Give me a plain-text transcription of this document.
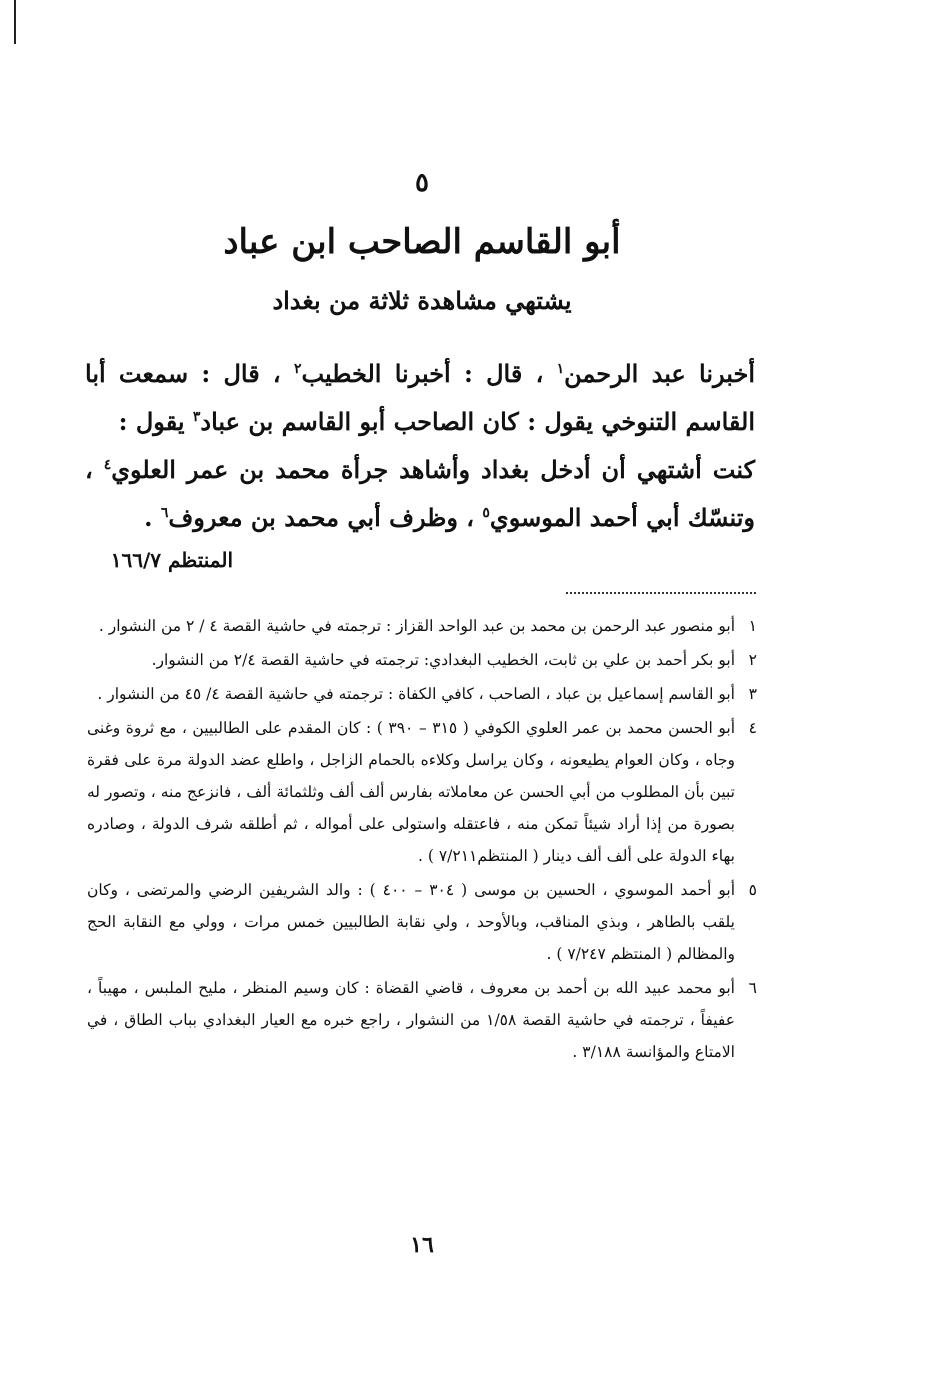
٥
أبو القاسم الصاحب ابن عباد
يشتهي مشاهدة ثلاثة من بغداد

أخبرنا عبد الرحمن$^١$ ، قال : أخبرنا الخطيب$^٢$ ، قال : سمعت أبا القاسم التنوخي يقول : كان الصاحب أبو القاسم بن عباد$^٣$ يقول :

كنت أشتهي أن أدخل بغداد وأشاهد جرأة محمد بن عمر العلوي$^٤$ ، وتنسّك أبي أحمد الموسوي$^٥$ ، وظرف أبي محمد بن معروف$^٦$ .

المنتظم ١٦٦/٧
١
أبو منصور عبد الرحمن بن محمد بن عبد الواحد القزاز : ترجمته في حاشية القصة ٤ / ٢ من النشوار .
٢
أبو بكر أحمد بن علي بن ثابت، الخطيب البغدادي: ترجمته في حاشية القصة ٢/٤ من النشوار.
٣
أبو القاسم إسماعيل بن عباد ، الصاحب ، كافي الكفاة : ترجمته في حاشية القصة ٤/ ٤٥ من النشوار .
٤
أبو الحسن محمد بن عمر العلوي الكوفي ( ٣١٥ – ٣٩٠ ) : كان المقدم على الطالبيين ، مع ثروة وغنى وجاه ، وكان العوام يطيعونه ، وكان يراسل وكلاءه بالحمام الزاجل ، واطلع عضد الدولة مرة على فقرة تبين بأن المطلوب من أبي الحسن عن معاملاته بفارس ألف ألف وثلثمائة ألف ، فانزعج منه ، وتصور له بصورة من إذا أراد شيئاً تمكن منه ، فاعتقله واستولى على أمواله ، ثم أطلقه شرف الدولة ، وصادره بهاء الدولة على ألف ألف دينار ( المنتظم٧/٢١١ ) .
٥
أبو أحمد الموسوي ، الحسين بن موسى ( ٣٠٤ – ٤٠٠ ) : والد الشريفين الرضي والمرتضى ، وكان يلقب بالطاهر ، وبذي المناقب، وبالأوحد ، ولي نقابة الطالبيين خمس مرات ، وولي مع النقابة الحج والمظالم ( المنتظم ٧/٢٤٧ ) .
٦
أبو محمد عبيد الله بن أحمد بن معروف ، قاضي القضاة : كان وسيم المنظر ، مليح الملبس ، مهيباً ، عفيفاً ، ترجمته في حاشية القصة ١/٥٨ من النشوار ، راجع خبره مع العيار البغدادي بباب الطاق ، في الامتاع والمؤانسة ٣/١٨٨ .
١٦
